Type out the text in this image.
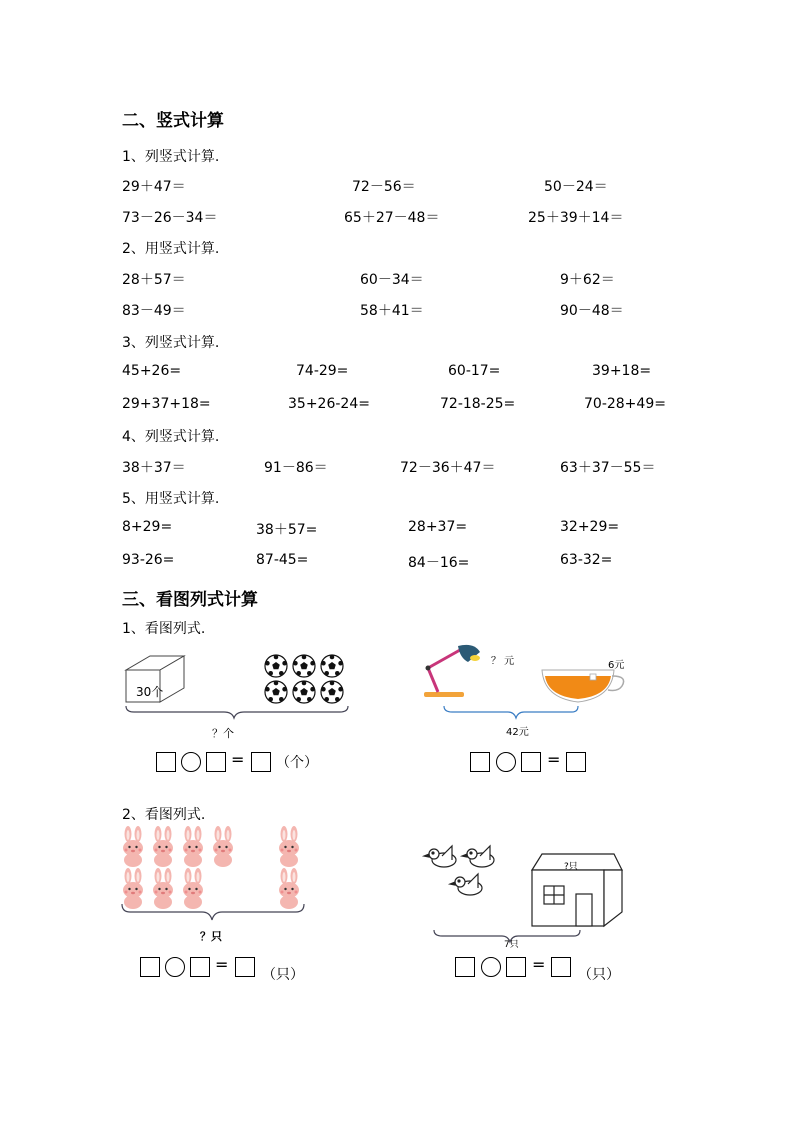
二、竖式计算
1、列竖式计算.
29＋47＝	72－56＝	50－24＝
73－26－34＝	65＋27－48＝	25＋39＋14＝
2、用竖式计算.
28＋57＝	60－34＝	9＋62＝
83－49＝	58＋41＝	90－48＝
3、列竖式计算.
45+26=	74-29=	60-17=	39+18=
29+37+18=	35+26-24=	72-18-25=	70-28+49=
4、列竖式计算.
38＋37＝	91－86＝	72－36＋47＝	63＋37－55＝
5、用竖式计算.
8+29=	38＋57=	28+37=	32+29=
93-26=	87-45=	84－16=	63-32=
三、看图列式计算
1、看图列式.
30个
？个
= （个）
？ 元	6元
42元
=
2、看图列式.
？只
=
（只）
?只
7只
=
（只）
